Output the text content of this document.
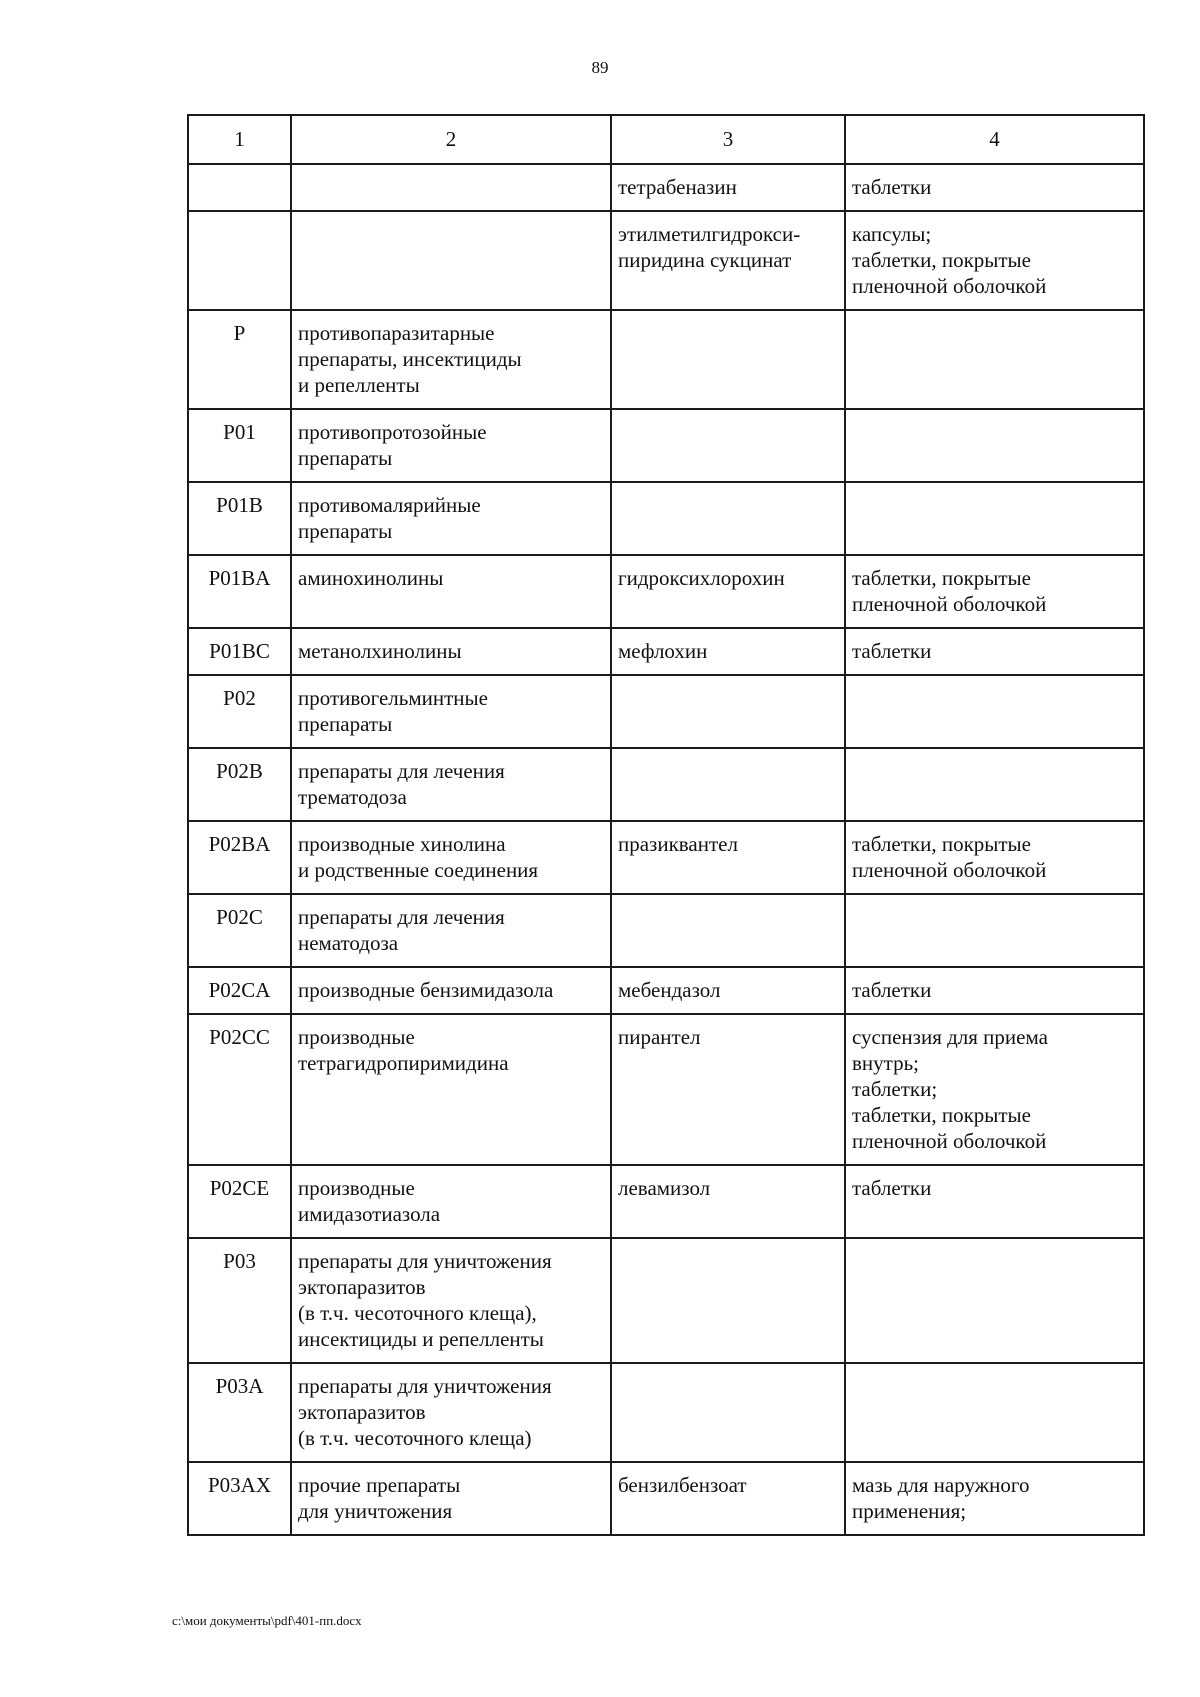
89
1	2	3	4
		тетрабеназин	таблетки
		этилметилгидрокси-
пиридина сукцинат	капсулы;
таблетки, покрытые
пленочной оболочкой
P	противопаразитарные
препараты, инсектициды
и репелленты		
P01	противопротозойные
препараты		
P01B	противомалярийные
препараты		
P01BA	аминохинолины	гидроксихлорохин	таблетки, покрытые
пленочной оболочкой
P01BC	метанолхинолины	мефлохин	таблетки
P02	противогельминтные
препараты		
P02B	препараты для лечения
трематодоза		
P02BA	производные хинолина
и родственные соединения	празиквантел	таблетки, покрытые
пленочной оболочкой
P02C	препараты для лечения
нематодоза		
P02CA	производные бензимидазола	мебендазол	таблетки
P02CC	производные
тетрагидропиримидина	пирантел	суспензия для приема
внутрь;
таблетки;
таблетки, покрытые
пленочной оболочкой
P02CE	производные
имидазотиазола	левамизол	таблетки
P03	препараты для уничтожения
эктопаразитов
(в т.ч. чесоточного клеща),
инсектициды и репелленты		
P03A	препараты для уничтожения
эктопаразитов
(в т.ч. чесоточного клеща)		
P03AX	прочие препараты
для уничтожения	бензилбензоат	мазь для наружного
применения;
c:\мои документы\pdf\401-пп.docx
